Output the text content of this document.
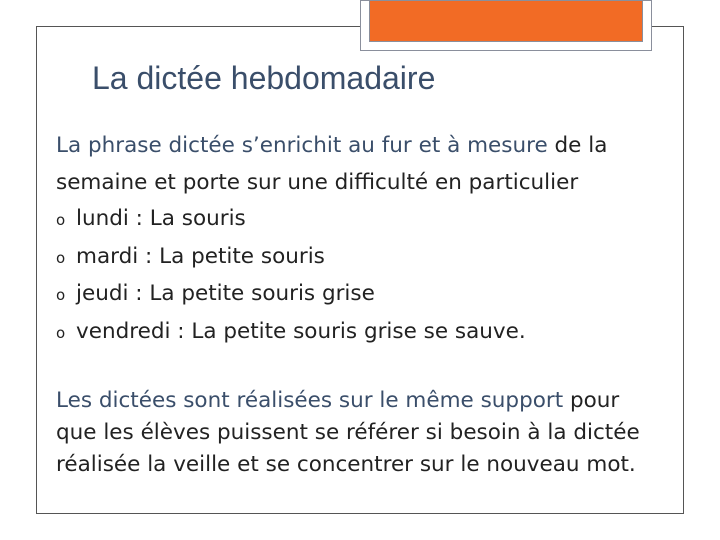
La dictée hebdomadaire

La phrase dictée s’enrichit au fur et à mesure de la semaine et porte sur une difficulté en particulier

o lundi : La souris
o mardi : La petite souris
o jeudi : La petite souris grise
o vendredi : La petite souris grise se sauve.

Les dictées sont réalisées sur le même support pour que les élèves puissent se référer si besoin à la dictée réalisée la veille et se concentrer sur le nouveau mot.
